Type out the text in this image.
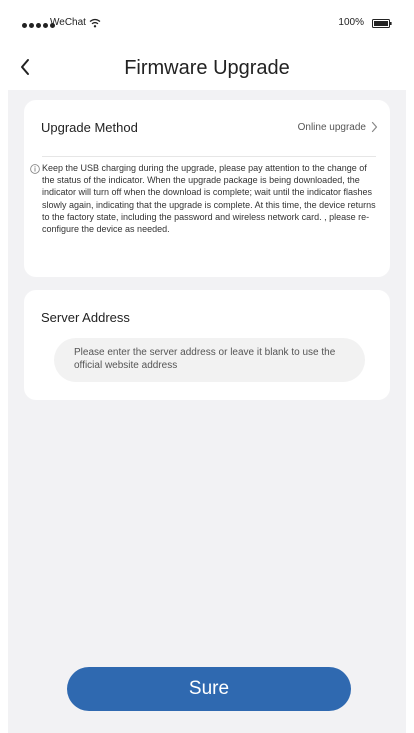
WeChat	100%
Firmware Upgrade
Upgrade Method	Online upgrade
Keep the USB charging during the upgrade, please pay attention to the change of the status of the indicator. When the upgrade package is being downloaded, the indicator will turn off when the download is complete; wait until the indicator flashes slowly again, indicating that the upgrade is complete. At this time, the device returns to the factory state, including the password and wireless network card. , please re-configure the device as needed.
Server Address
Please enter the server address or leave it blank to use the official website address
Sure
